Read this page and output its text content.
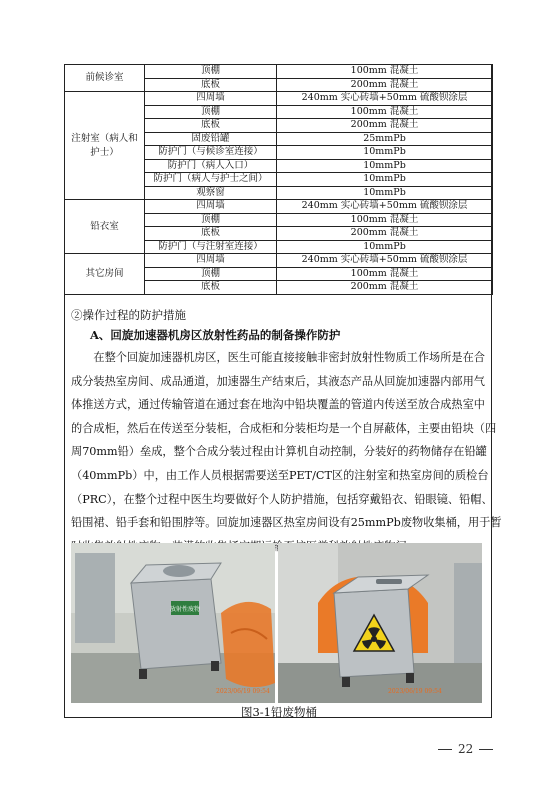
前候诊室	顶棚	100mm 混凝土
	底板	200mm 混凝土
注射室（病人和护士）	四周墙	240mm 实心砖墙+50mm 硫酸钡涂层
	顶棚	100mm 混凝土
	底板	200mm 混凝土
	固废铅罐	25mmPb
	防护门（与候诊室连接）	10mmPb
	防护门（病人入口）	10mmPb
	防护门（病人与护士之间）	10mmPb
	观察窗	10mmPb
铅衣室	四周墙	240mm 实心砖墙+50mm 硫酸钡涂层
	顶棚	100mm 混凝土
	底板	200mm 混凝土
	防护门（与注射室连接）	10mmPb
其它房间	四周墙	240mm 实心砖墙+50mm 硫酸钡涂层
	顶棚	100mm 混凝土
	底板	200mm 混凝土
②操作过程的防护措施
A、回旋加速器机房区放射性药品的制备操作防护
　　在整个回旋加速器机房区，医生可能直接接触非密封放射性物质工作场所是在合
成分装热室房间、成品通道，加速器生产结束后，其液态产品从回旋加速器内部用气
体推送方式，通过传输管道在通过套在地沟中铅块覆盖的管道内传送至放合成热室中
的合成柜，然后在传送至分装柜，合成柜和分装柜均是一个自屏蔽体，主要由铅块（四
周70mm铅）垒成，整个合成分装过程由计算机自动控制，分装好的药物储存在铅罐
（40mmPb）中，由工作人员根据需要送至PET/CT区的注射室和热室房间的质检台
（PRC），在整个过程中医生均要做好个人防护措施，包括穿戴铅衣、铅眼镜、铅帽、
铅围裙、铅手套和铅围脖等。回旋加速器区热室房间设有25mmPb废物收集桶，用于暂
放射性废物
2023/06/19 09:54	2023/06/19 09:54
图3-1铅废物桶
22
